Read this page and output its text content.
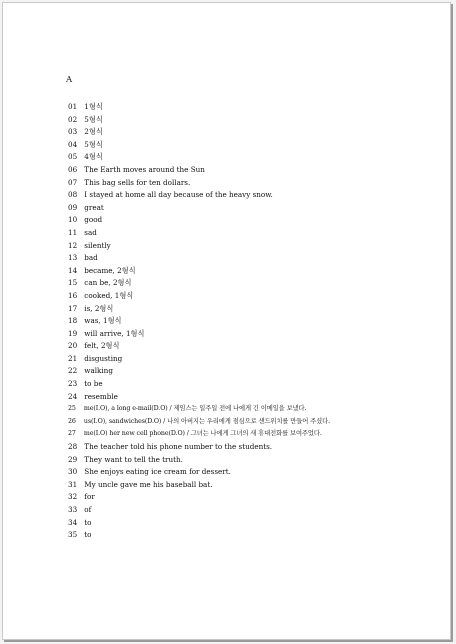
A
01 1형식
02 5형식
03 2형식
04 5형식
05 4형식
06 The Earth moves around the Sun
07 This bag sells for ten dollars.
08 I stayed at home all day because of the heavy snow.
09 great
10 good
11 sad
12 silently
13 bad
14 became, 2형식
15 can be, 2형식
16 cooked, 1형식
17 is, 2형식
18 was, 1형식
19 will arrive, 1형식
20 felt, 2형식
21 disgusting
22 walking
23 to be
24 resemble
25 me(I.O), a long e-mail(D.O) / 제임스는 일주일 전에 나에게 긴 이메일을 보냈다.
26 us(I.O), sandwiches(D.O) / 나의 아버지는 우리에게 점심으로 샌드위치를 만들어 주셨다.
27 me(I.O) her new cell phone(D.O) / 그녀는 나에게 그녀의 새 휴대전화를 보여주었다.
28 The teacher told his phone number to the students.
29 They want to tell the truth.
30 She enjoys eating ice cream for dessert.
31 My uncle gave me his baseball bat.
32 for
33 of
34 to
35 to
